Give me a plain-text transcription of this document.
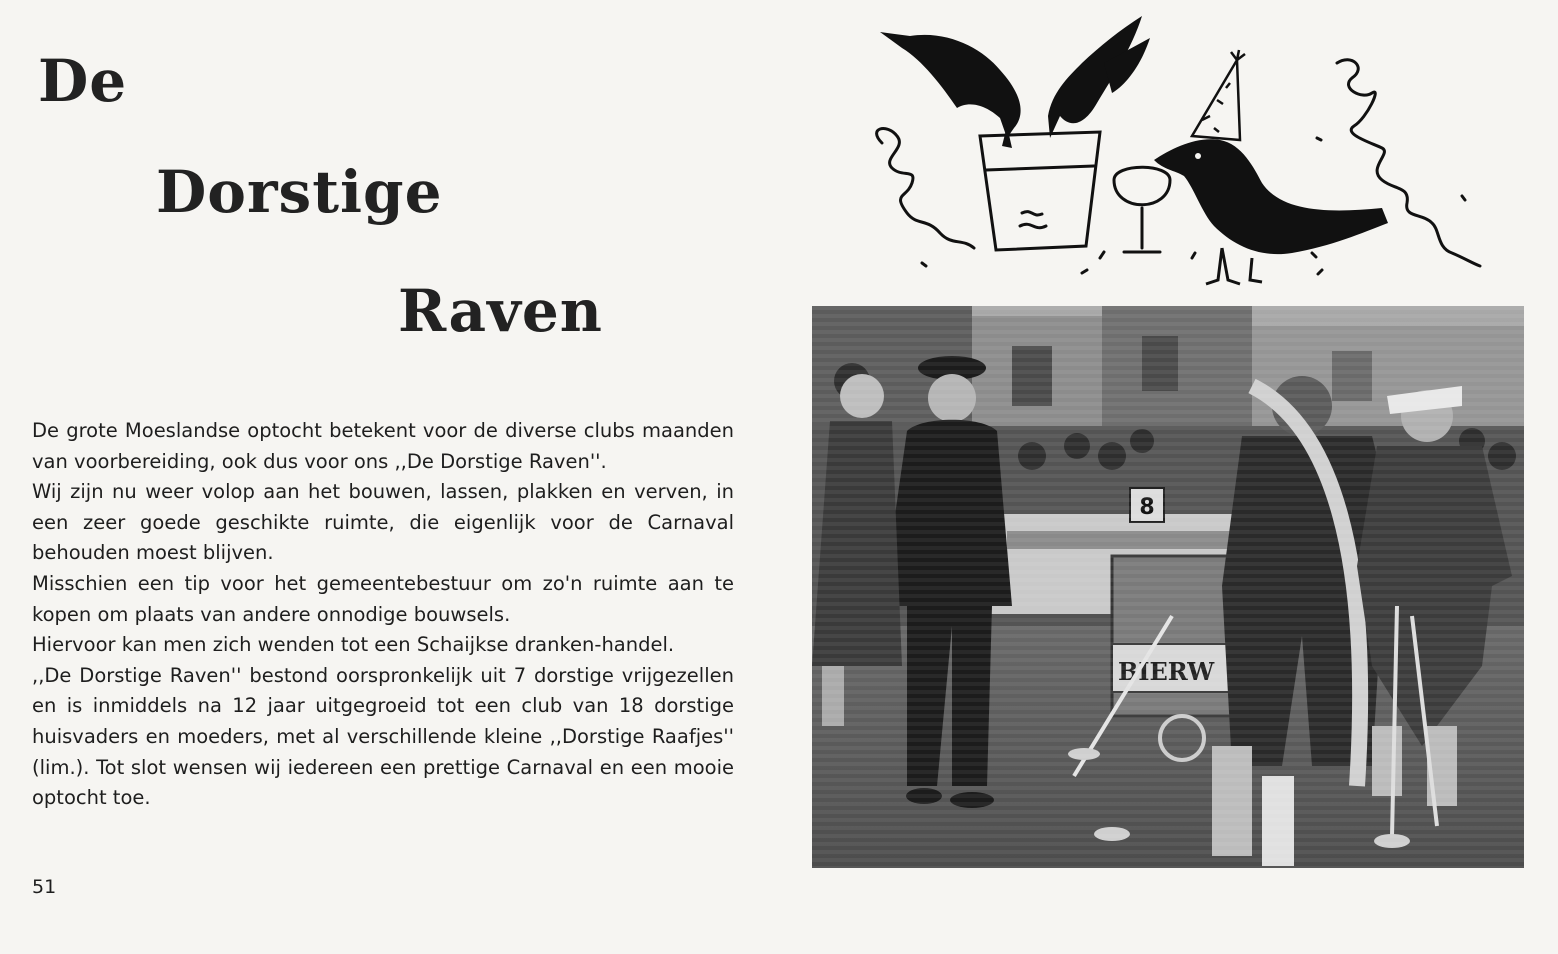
De
Dorstige
Raven

De grote Moeslandse optocht betekent voor de diverse clubs maanden van voorbereiding, ook dus voor ons ,,De Dorstige Raven''.

Wij zijn nu weer volop aan het bouwen, lassen, plakken en verven, in een zeer goede geschikte ruimte, die eigenlijk voor de Carnaval behouden moest blijven.

Misschien een tip voor het gemeentebestuur om zo'n ruimte aan te kopen om plaats van andere onnodige bouwsels.

Hiervoor kan men zich wenden tot een Schaijkse dranken-handel.

,,De Dorstige Raven'' bestond oorspronkelijk uit 7 dorstige vrijgezellen en is inmiddels na 12 jaar uitgegroeid tot een club van 18 dorstige huisvaders en moeders, met al verschillende kleine ,,Dorstige Raafjes'' (lim.). Tot slot wensen wij iedereen een prettige Carnaval en een mooie optocht toe.

51
